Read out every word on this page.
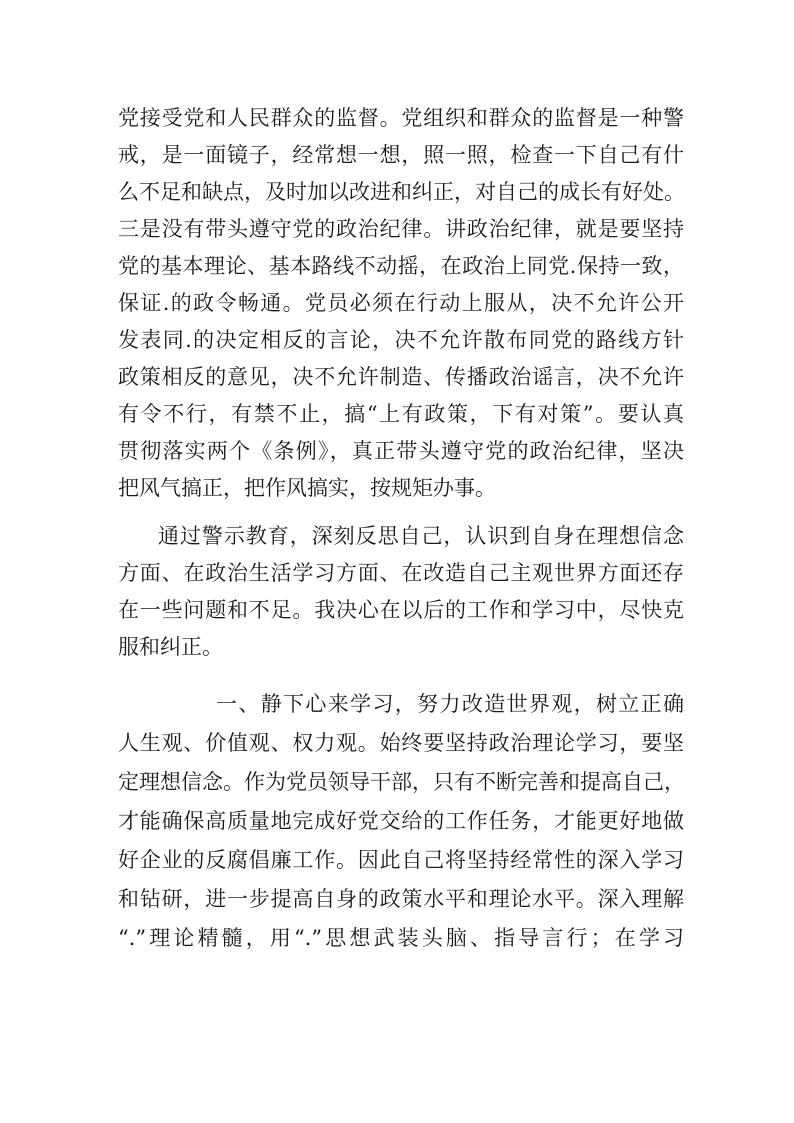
党接受党和人民群众的监督。党组织和群众的监督是一种警
戒，是一面镜子，经常想一想，照一照，检查一下自己有什
么不足和缺点，及时加以改进和纠正，对自己的成长有好处。
三是没有带头遵守党的政治纪律。讲政治纪律，就是要坚持
党的基本理论、基本路线不动摇，在政治上同党.保持一致，
保证.的政令畅通。党员必须在行动上服从，决不允许公开
发表同.的决定相反的言论，决不允许散布同党的路线方针
政策相反的意见，决不允许制造、传播政治谣言，决不允许
有令不行，有禁不止，搞“上有政策，下有对策”。要认真
贯彻落实两个《条例》，真正带头遵守党的政治纪律，坚决
把风气搞正，把作风搞实，按规矩办事。
通过警示教育，深刻反思自己，认识到自身在理想信念
方面、在政治生活学习方面、在改造自己主观世界方面还存
在一些问题和不足。我决心在以后的工作和学习中，尽快克
服和纠正。
一、静下心来学习，努力改造世界观，树立正确
人生观、价值观、权力观。始终要坚持政治理论学习，要坚
定理想信念。作为党员领导干部，只有不断完善和提高自己，
才能确保高质量地完成好党交给的工作任务，才能更好地做
好企业的反腐倡廉工作。因此自己将坚持经常性的深入学习
和钻研，进一步提高自身的政策水平和理论水平。深入理解
“.”理论精髓，用“.”思想武装头脑、指导言行；在学习
